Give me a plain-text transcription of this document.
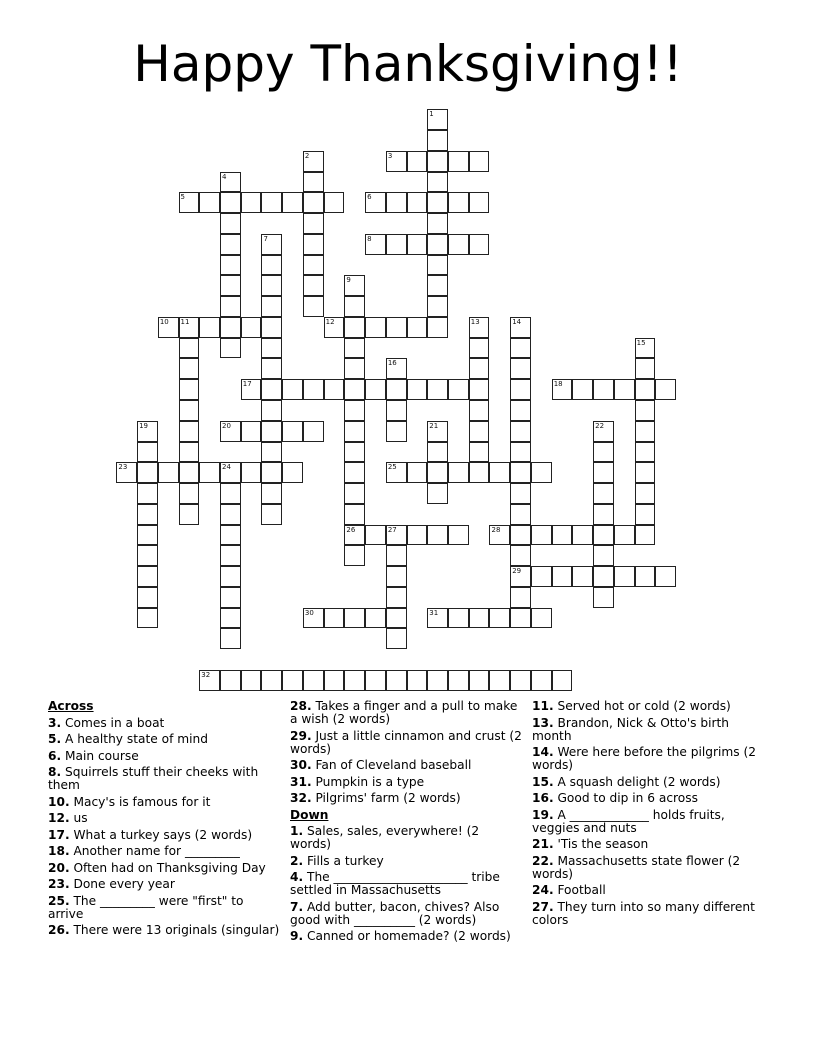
Happy Thanksgiving!!
1
2	3
4
5	6
7	8
9
26
10 11	12	13	14
29
15
16
17	18
19	20	21	22
23	24	25
27	28
30	31
32
Across
3. Comes in a boat
5. A healthy state of mind
6. Main course
8. Squirrels stuff their cheeks with them
10. Macy's is famous for it
12. us
17. What a turkey says (2 words)
18. Another name for _________
20. Often had on Thanksgiving Day
23. Done every year
25. The _________ were "first" to arrive
26. There were 13 originals (singular)
28. Takes a finger and a pull to make a wish (2 words)
29. Just a little cinnamon and crust (2 words)
30. Fan of Cleveland baseball
31. Pumpkin is a type
32. Pilgrims' farm (2 words)
Down
1. Sales, sales, everywhere! (2 words)
2. Fills a turkey
4. The ______________________ tribe settled in Massachusetts
7. Add butter, bacon, chives? Also good with __________ (2 words)
9. Canned or homemade? (2 words)
11. Served hot or cold (2 words)
13. Brandon, Nick & Otto's birth month
14. Were here before the pilgrims (2 words)
15. A squash delight (2 words)
16. Good to dip in 6 across
19. A _____________ holds fruits, veggies and nuts
21. 'Tis the season
22. Massachusetts state flower (2 words)
24. Football
27. They turn into so many different colors
